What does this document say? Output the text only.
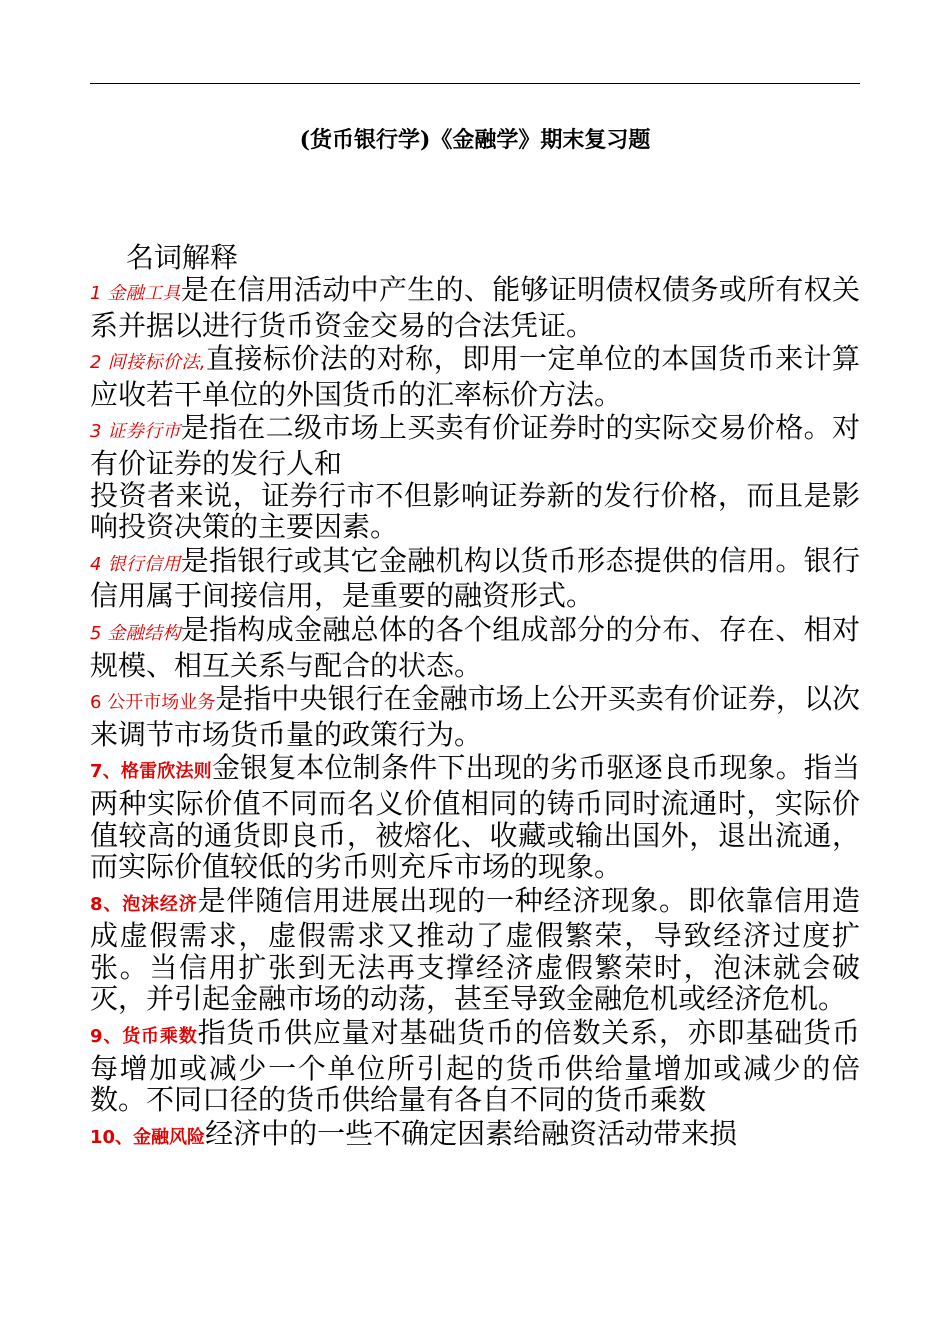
(货币银行学)《金融学》期末复习题
名词解释

1 金融工具是在信用活动中产生的、能够证明债权债务或所有权关系并据以进行货币资金交易的合法凭证。

2 间接标价法,直接标价法的对称，即用一定单位的本国货币来计算应收若干单位的外国货币的汇率标价方法。

3 证券行市是指在二级市场上买卖有价证券时的实际交易价格。对有价证券的发行人和

投资者来说，证券行市不但影响证券新的发行价格，而且是影响投资决策的主要因素。

4 银行信用是指银行或其它金融机构以货币形态提供的信用。银行信用属于间接信用，是重要的融资形式。

5 金融结构是指构成金融总体的各个组成部分的分布、存在、相对规模、相互关系与配合的状态。

6 公开市场业务是指中央银行在金融市场上公开买卖有价证券，以次来调节市场货币量的政策行为。

7、格雷欣法则金银复本位制条件下出现的劣币驱逐良币现象。指当两种实际价值不同而名义价值相同的铸币同时流通时，实际价值较高的通货即良币，被熔化、收藏或输出国外，退出流通，而实际价值较低的劣币则充斥市场的现象。

8、泡沫经济是伴随信用进展出现的一种经济现象。即依靠信用造成虚假需求，虚假需求又推动了虚假繁荣，导致经济过度扩张。当信用扩张到无法再支撑经济虚假繁荣时，泡沫就会破灭，并引起金融市场的动荡，甚至导致金融危机或经济危机。

9、货币乘数指货币供应量对基础货币的倍数关系，亦即基础货币每增加或减少一个单位所引起的货币供给量增加或减少的倍数。不同口径的货币供给量有各自不同的货币乘数

10、金融风险经济中的一些不确定因素给融资活动带来损
